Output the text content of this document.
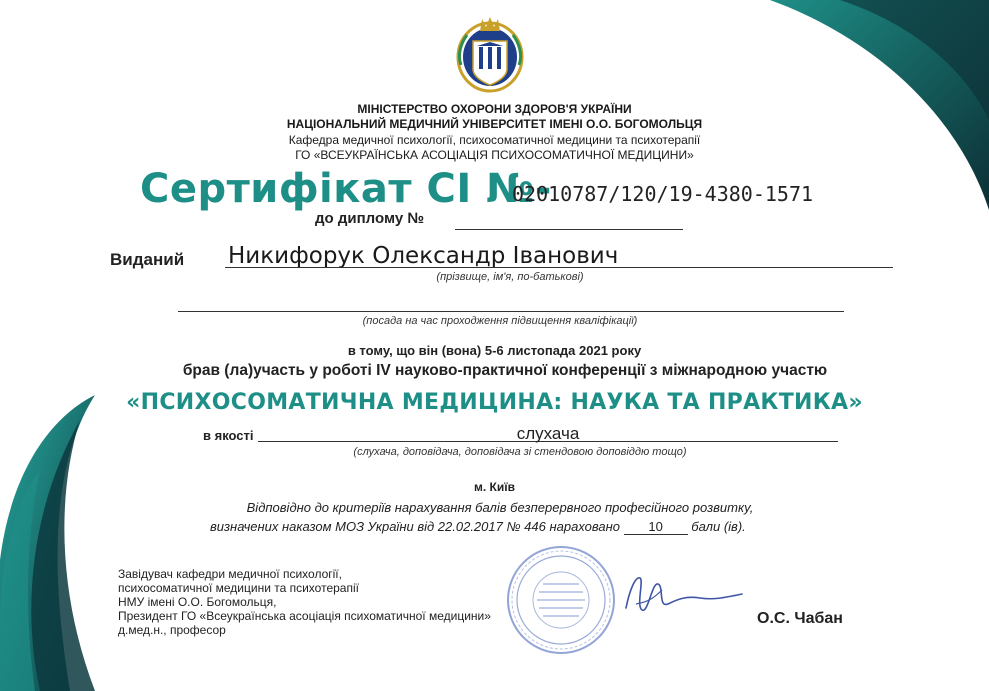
МІНІСТЕРСТВО ОХОРОНИ ЗДОРОВ'Я УКРАЇНИ
НАЦІОНАЛЬНИЙ МЕДИЧНИЙ УНІВЕРСИТЕТ ІМЕНІ О.О. БОГОМОЛЬЦЯ
Кафедра медичної психології, психосоматичної медицини та психотерапії
ГО «ВСЕУКРАЇНСЬКА АСОЦІАЦІЯ ПСИХОСОМАТИЧНОЇ МЕДИЦИНИ»
Сертифікат СІ №-
02010787/120/19-4380-1571
до диплому №
Виданий Никифорук Олександр Іванович
(прізвище, ім'я, по-батькові)
(посада на час проходження підвищення кваліфікації)
в тому, що він (вона) 5-6 листопада 2021 року
брав (ла)участь у роботі IV науково-практичної конференції з міжнародною участю
«ПСИХОСОМАТИЧНА МЕДИЦИНА: НАУКА ТА ПРАКТИКА»
в якості	слухача
(слухача, доповідача, доповідача зі стендовою доповіддю тощо)
м. Київ
Відповідно до критеріїв нарахування балів безперервного професійного розвитку,
визначених наказом МОЗ України від 22.02.2017 № 446 нараховано 10 бали (ів).
Завідувач кафедри медичної психології,
психосоматичної медицини та психотерапії
НМУ імені О.О. Богомольця,
Президент ГО «Всеукраїнська асоціація психоматичної медицини»
д.мед.н., професор
О.С. Чабан
